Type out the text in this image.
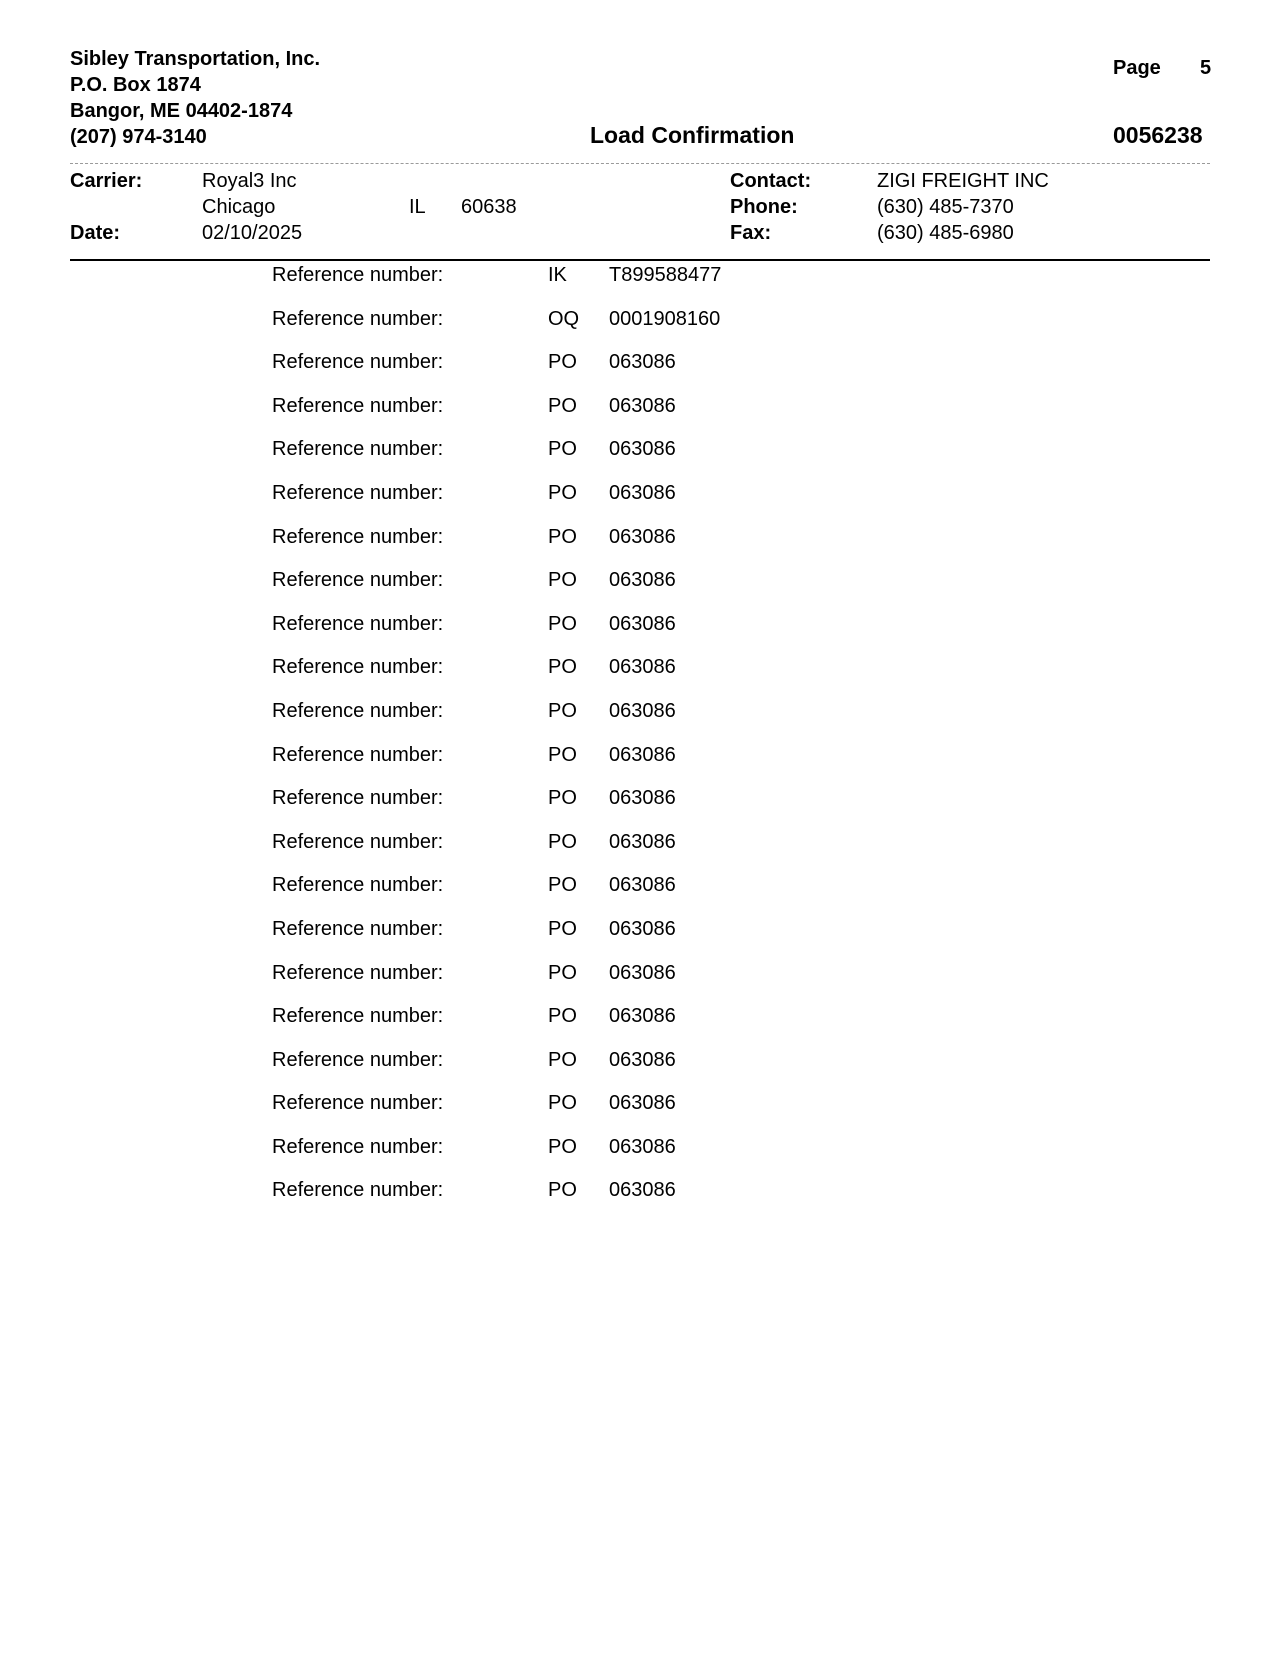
Sibley Transportation, Inc.
P.O. Box 1874
Bangor, ME 04402-1874
(207) 974-3140
Page 5
Load Confirmation	0056238
Carrier:	Royal3 Inc
Chicago	IL 60638
Date:	02/10/2025
Contact:	ZIGI FREIGHT INC
Phone:	(630) 485-7370
Fax:	(630) 485-6980
Reference number:	IK T899588477
Reference number:	OQ 0001908160
Reference number:	PO 063086
Reference number:	PO 063086
Reference number:	PO 063086
Reference number:	PO 063086
Reference number:	PO 063086
Reference number:	PO 063086
Reference number:	PO 063086
Reference number:	PO 063086
Reference number:	PO 063086
Reference number:	PO 063086
Reference number:	PO 063086
Reference number:	PO 063086
Reference number:	PO 063086
Reference number:	PO 063086
Reference number:	PO 063086
Reference number:	PO 063086
Reference number:	PO 063086
Reference number:	PO 063086
Reference number:	PO 063086
Reference number:	PO 063086
